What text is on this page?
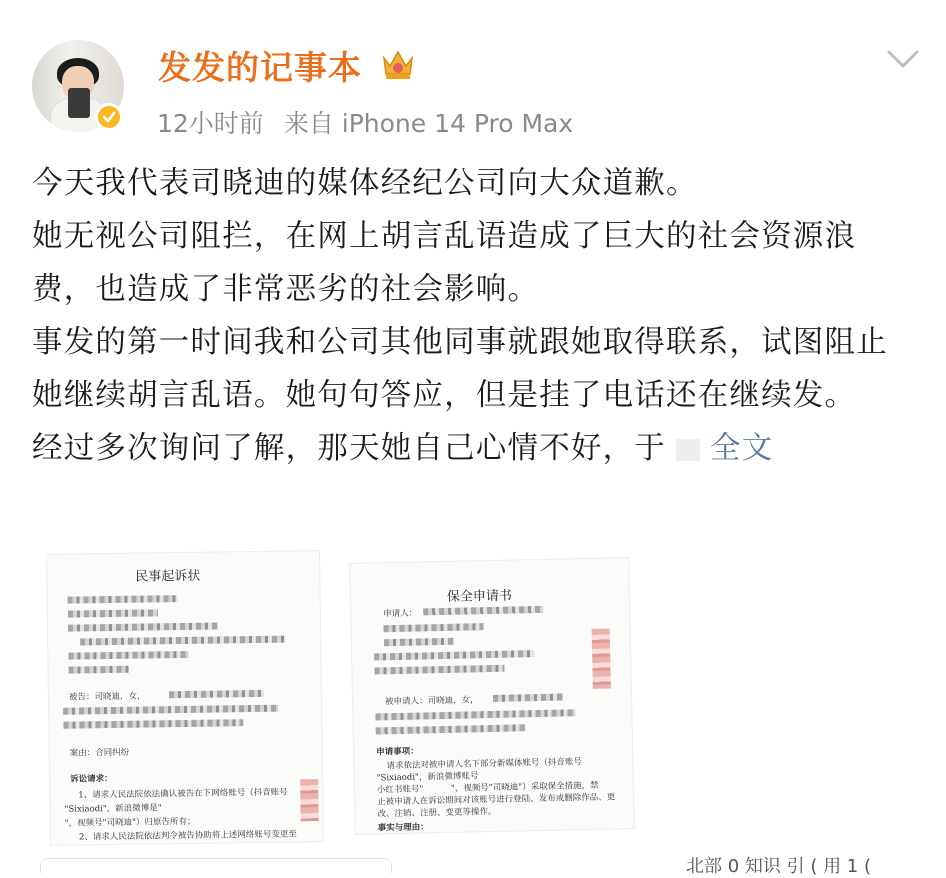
发发的记事本
12小时前 来自 iPhone 14 Pro Max

今天我代表司晓迪的媒体经纪公司向大众道歉。

她无视公司阻拦，在网上胡言乱语造成了巨大的社会资源浪费，也造成了非常恶劣的社会影响。

事发的第一时间我和公司其他同事就跟她取得联系，试图阻止她继续胡言乱语。她句句答应，但是挂了电话还在继续发。

经过多次询问了解，那天她自己心情不好，于 全文

民事起诉状
被告：司晓迪，女，
案由：合同纠纷
诉讼请求：
1、请求人民法院依法确认被告在下网络账号（抖音账号
"Sixiaodi"，新浪微博是"
"，视频号"司晓迪"）归原告所有；
2、请求人民法院依法判令被告协助将上述网络账号变更至
保全申请书
申请人：
被申请人：司晓迪，女，
申请事项：
请求依法对被申请人名下部分新媒体账号（抖音账号
"Sixiaodi"，新浪微博账号
小红书账号"	"，视频号"司晓迪"）采取保全措施，禁
止被申请人在诉讼期间对该账号进行登陆、发布或删除作品、更
改、注销、注册、变更等操作。
事实与理由：
北部 0 知识 引 ( 用 1 (
